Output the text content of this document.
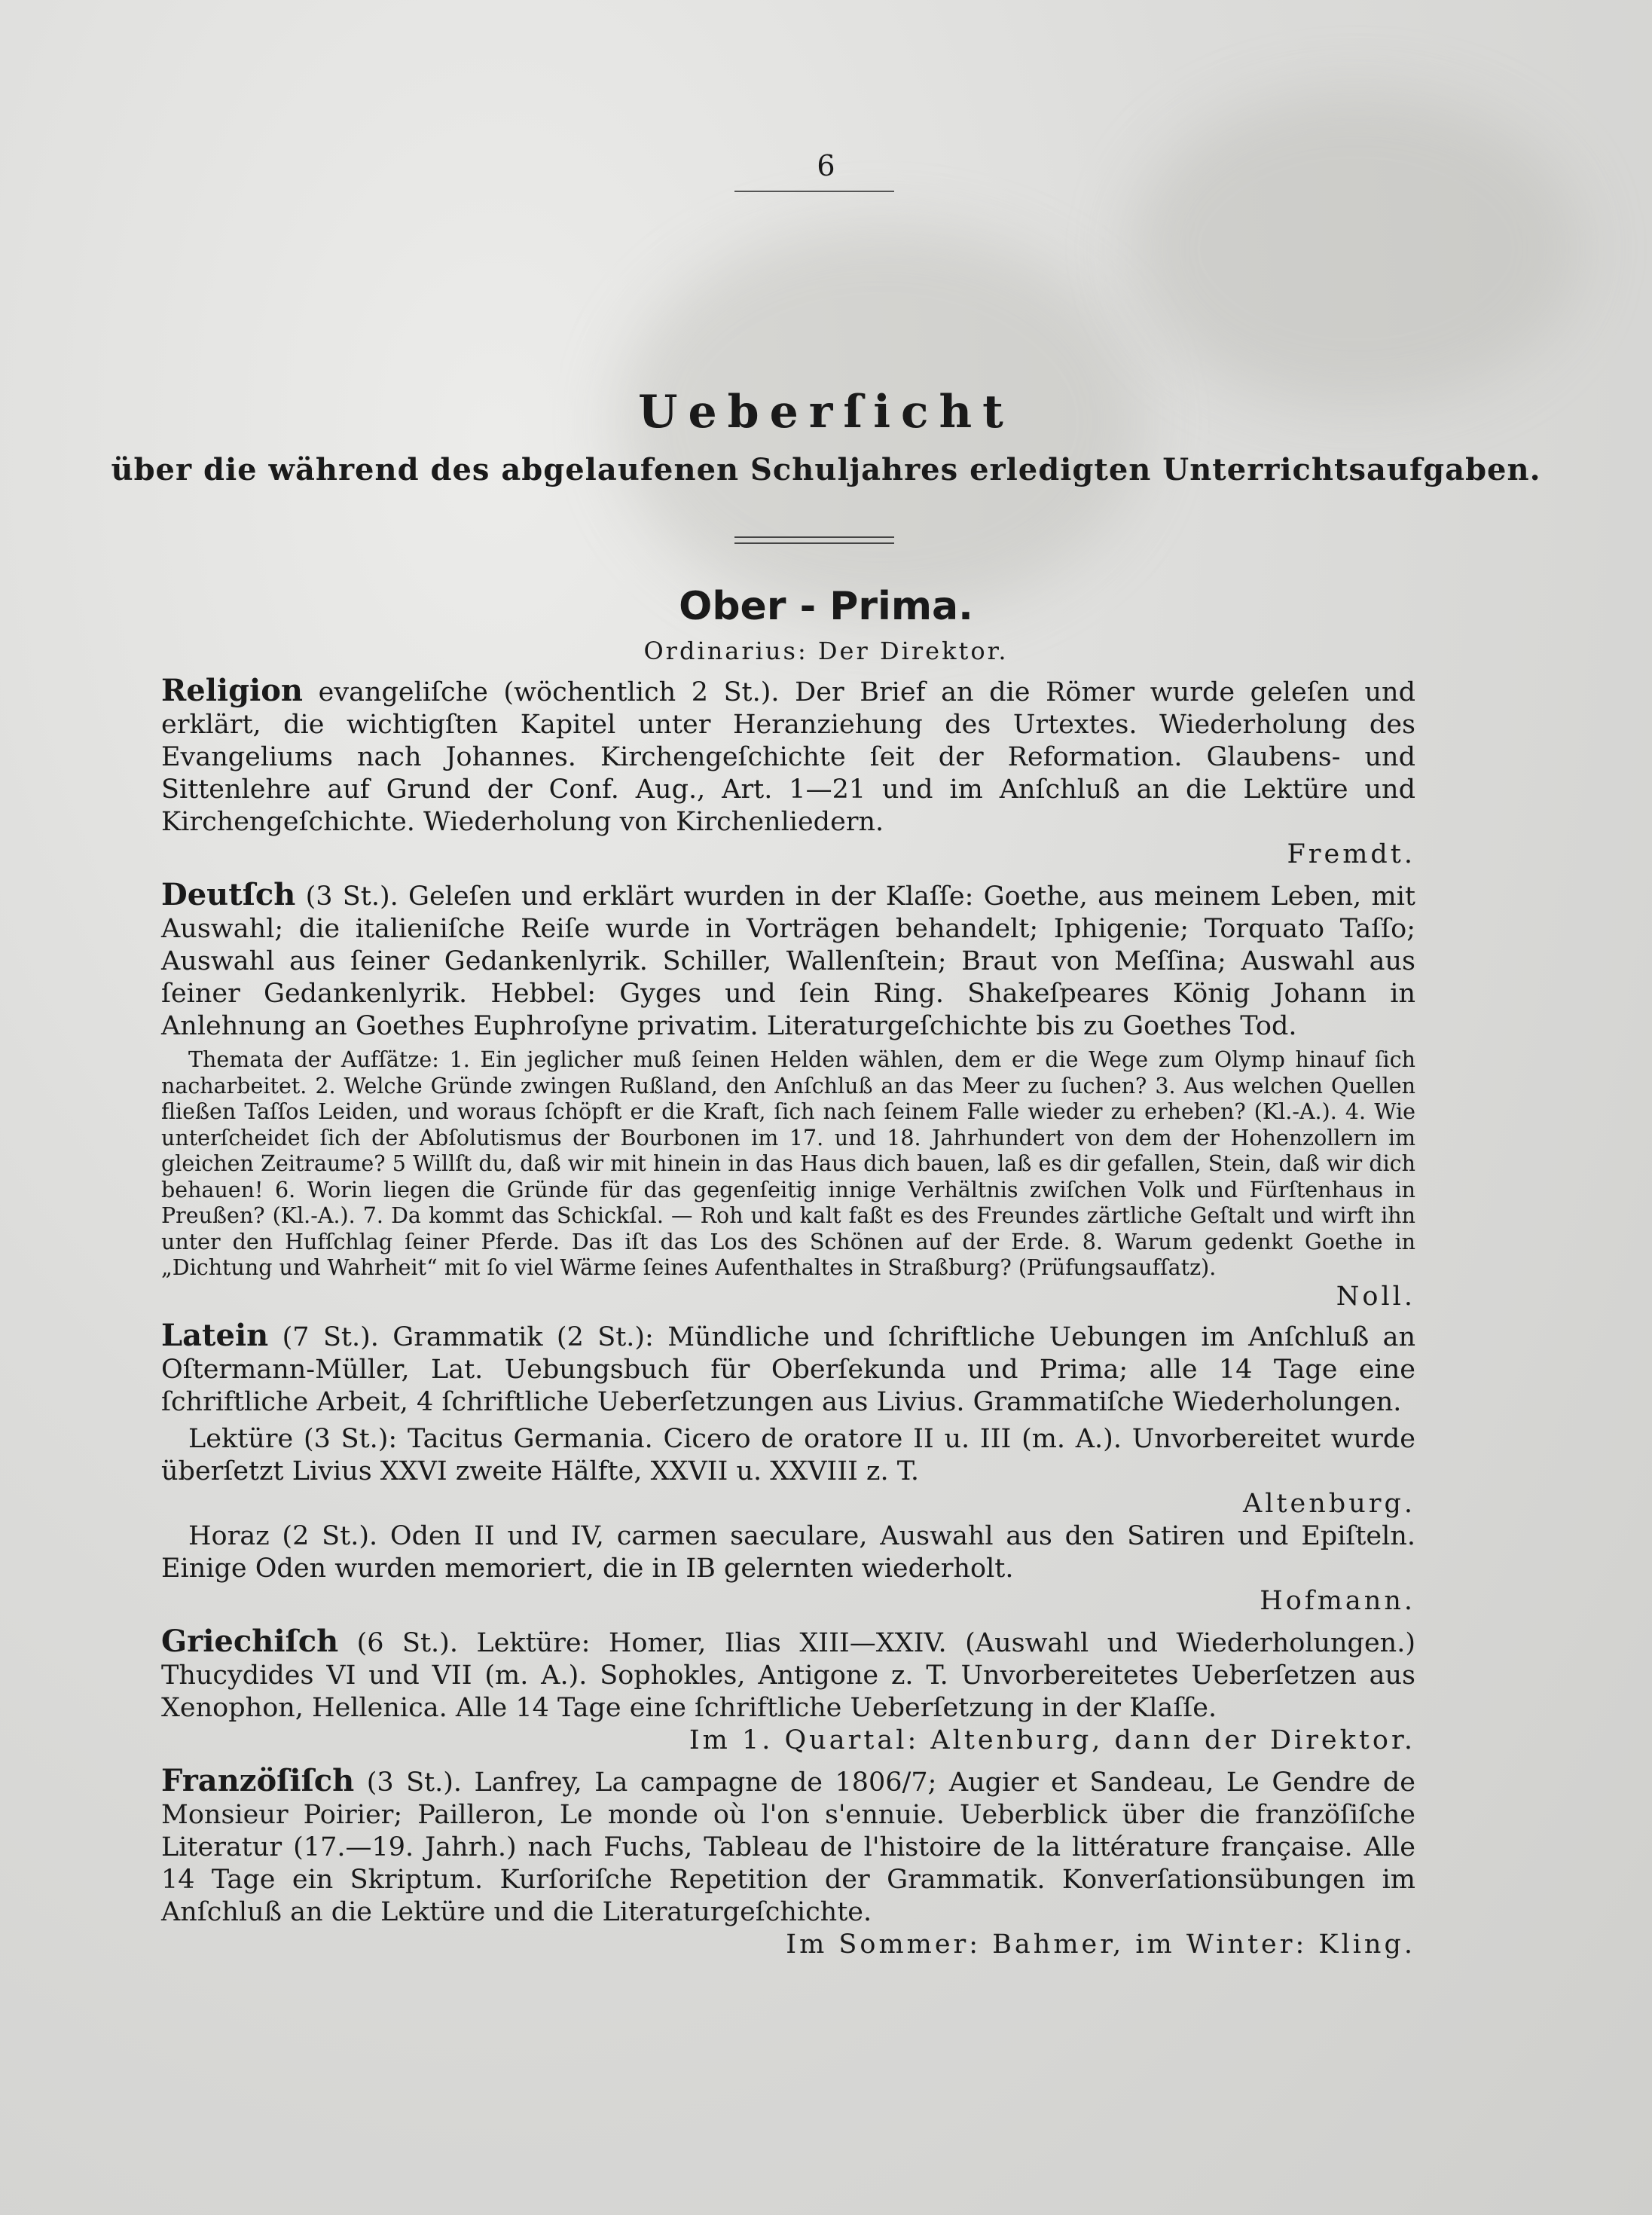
6
Ueberſicht
über die während des abgelaufenen Schuljahres erledigten Unterrichtsaufgaben.
Ober - Prima.
Ordinarius: Der Direktor.

Religion evangeliſche (wöchentlich 2 St.). Der Brief an die Römer wurde geleſen und erklärt, die wichtigſten Kapitel unter Heranziehung des Urtextes. Wiederholung des Evangeliums nach Johannes. Kirchengeſchichte ſeit der Reformation. Glaubens- und Sittenlehre auf Grund der Conf. Aug., Art. 1—21 und im Anſchluß an die Lektüre und Kirchengeſchichte. Wiederholung von Kirchenliedern.
Fremdt.

Deutſch (3 St.). Geleſen und erklärt wurden in der Klaſſe: Goethe, aus meinem Leben, mit Auswahl; die italieniſche Reiſe wurde in Vorträgen behandelt; Iphigenie; Torquato Taſſo; Auswahl aus ſeiner Gedankenlyrik. Schiller, Wallenſtein; Braut von Meſſina; Auswahl aus ſeiner Gedankenlyrik. Hebbel: Gyges und ſein Ring. Shakeſpeares König Johann in Anlehnung an Goethes Euphroſyne privatim. Literaturgeſchichte bis zu Goethes Tod.

Themata der Aufſätze: 1. Ein jeglicher muß ſeinen Helden wählen, dem er die Wege zum Olymp hinauf ſich nacharbeitet. 2. Welche Gründe zwingen Rußland, den Anſchluß an das Meer zu ſuchen? 3. Aus welchen Quellen fließen Taſſos Leiden, und woraus ſchöpft er die Kraft, ſich nach ſeinem Falle wieder zu erheben? (Kl.-A.). 4. Wie unterſcheidet ſich der Abſolutismus der Bourbonen im 17. und 18. Jahrhundert von dem der Hohenzollern im gleichen Zeitraume? 5 Willſt du, daß wir mit hinein in das Haus dich bauen, laß es dir gefallen, Stein, daß wir dich behauen! 6. Worin liegen die Gründe für das gegenſeitig innige Verhältnis zwiſchen Volk und Fürſtenhaus in Preußen? (Kl.-A.). 7. Da kommt das Schickſal. — Roh und kalt faßt es des Freundes zärtliche Geſtalt und wirft ihn unter den Hufſchlag ſeiner Pferde. Das iſt das Los des Schönen auf der Erde. 8. Warum gedenkt Goethe in „Dichtung und Wahrheit“ mit ſo viel Wärme ſeines Aufenthaltes in Straßburg? (Prüfungsaufſatz).
Noll.

Latein (7 St.). Grammatik (2 St.): Mündliche und ſchriftliche Uebungen im Anſchluß an Oſtermann-Müller, Lat. Uebungsbuch für Oberſekunda und Prima; alle 14 Tage eine ſchriftliche Arbeit, 4 ſchriftliche Ueberſetzungen aus Livius. Grammatiſche Wiederholungen.

Lektüre (3 St.): Tacitus Germania. Cicero de oratore II u. III (m. A.). Unvorbereitet wurde überſetzt Livius XXVI zweite Hälfte, XXVII u. XXVIII z. T.
Altenburg.

Horaz (2 St.). Oden II und IV, carmen saeculare, Auswahl aus den Satiren und Epiſteln. Einige Oden wurden memoriert, die in IB gelernten wiederholt.
Hofmann.

Griechiſch (6 St.). Lektüre: Homer, Ilias XIII—XXIV. (Auswahl und Wiederholungen.) Thucydides VI und VII (m. A.). Sophokles, Antigone z. T. Unvorbereitetes Ueberſetzen aus Xenophon, Hellenica. Alle 14 Tage eine ſchriftliche Ueberſetzung in der Klaſſe.
Im 1. Quartal: Altenburg, dann der Direktor.

Franzöſiſch (3 St.). Lanfrey, La campagne de 1806/7; Augier et Sandeau, Le Gendre de Monsieur Poirier; Pailleron, Le monde où l'on s'ennuie. Ueberblick über die franzöſiſche Literatur (17.—19. Jahrh.) nach Fuchs, Tableau de l'histoire de la littérature française. Alle 14 Tage ein Skriptum. Kurſoriſche Repetition der Grammatik. Konverſationsübungen im Anſchluß an die Lektüre und die Literaturgeſchichte.
Im Sommer: Bahmer, im Winter: Kling.
